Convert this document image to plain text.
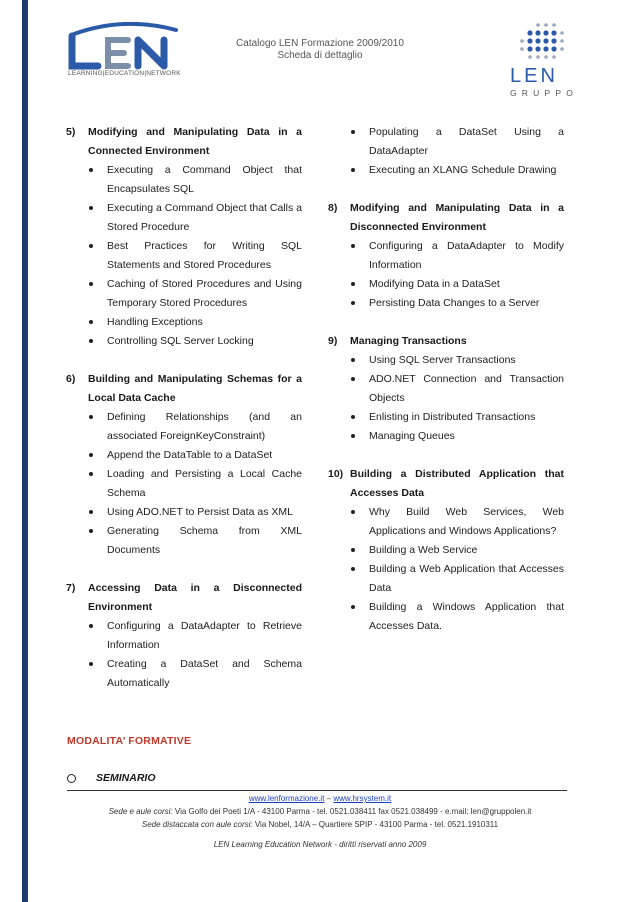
LEARNING|EDUCATION|NETWORK
Catalogo LEN Formazione 2009/2010
Scheda di dettaglio
LEN
GRUPPO
5)	Modifying and Manipulating Data in a Connected Environment
Executing a Command Object that Encapsulates SQL
Executing a Command Object that Calls a Stored Procedure
Best Practices for Writing SQL Statements and Stored Procedures
Caching of Stored Procedures and Using Temporary Stored Procedures
Handling Exceptions
Controlling SQL Server Locking
6)	Building and Manipulating Schemas for a Local Data Cache
Defining Relationships (and an associated ForeignKeyConstraint)
Append the DataTable to a DataSet
Loading and Persisting a Local Cache Schema
Using ADO.NET to Persist Data as XML
Generating Schema from XML Documents
7)	Accessing Data in a Disconnected Environment
Configuring a DataAdapter to Retrieve Information
Creating a DataSet and Schema Automatically
Populating a DataSet Using a DataAdapter
Executing an XLANG Schedule Drawing
8)	Modifying and Manipulating Data in a Disconnected Environment
Configuring a DataAdapter to Modify Information
Modifying Data in a DataSet
Persisting Data Changes to a Server
9)	Managing Transactions
Using SQL Server Transactions
ADO.NET Connection and Transaction Objects
Enlisting in Distributed Transactions
Managing Queues
10) Building a Distributed Application that Accesses Data
Why Build Web Services, Web Applications and Windows Applications?
Building a Web Service
Building a Web Application that Accesses Data
Building a Windows Application that Accesses Data.
MODALITA’ FORMATIVE
SEMINARIO
www.lenformazione.it – www.hrsystem.it
Sede e aule corsi: Via Golfo dei Poeti 1/A - 43100 Parma - tel. 0521.038411 fax 0521.038499 - e.mail: len@gruppolen.it
Sede distaccata con aule corsi: Via Nobel, 14/A – Quartiere SPIP - 43100 Parma - tel. 0521.1910311
LEN Learning Education Network - diritti riservati anno 2009
